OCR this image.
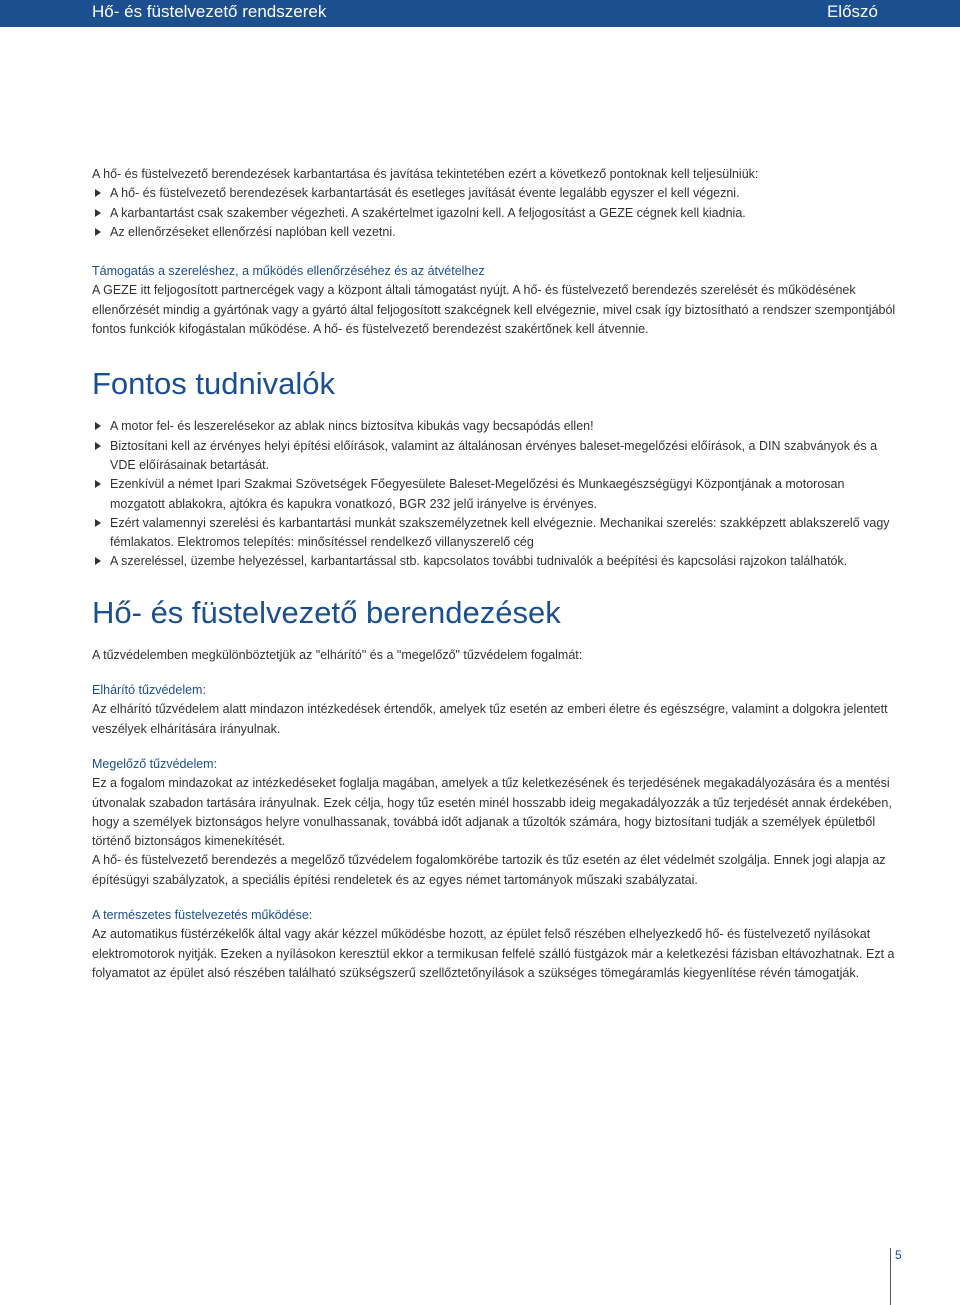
Hő- és füstelvezető rendszerek	Előszó

A hő- és füstelvezető berendezések karbantartása és javítása tekintetében ezért a következő pontoknak kell teljesülniük:

A hő- és füstelvezető berendezések karbantartását és esetleges javítását évente legalább egyszer el kell végezni.
A karbantartást csak szakember végezheti. A szakértelmet igazolni kell. A feljogosítást a GEZE cégnek kell kiadnia.
Az ellenőrzéseket ellenőrzési naplóban kell vezetni.

Támogatás a szereléshez, a működés ellenőrzéséhez és az átvételhez

A GEZE itt feljogosított partnercégek vagy a központ általi támogatást nyújt. A hő- és füstelvezető berendezés szerelését és működésének ellenőrzését mindig a gyártónak vagy a gyártó által feljogosított szakcégnek kell elvégeznie, mivel csak így biztosítható a rendszer szempontjából fontos funkciók kifogástalan működése. A hő- és füstelvezető berendezést szakértőnek kell átvennie.

Fontos tudnivalók
A motor fel- és leszerelésekor az ablak nincs biztosítva kibukás vagy becsapódás ellen!
Biztosítani kell az érvényes helyi építési előírások, valamint az általánosan érvényes baleset-megelőzési előírások, a DIN szabványok és a VDE előírásainak betartását.
Ezenkívül a német Ipari Szakmai Szövetségek Főegyesülete Baleset-Megelőzési és Munkaegészségügyi Központjának a motorosan mozgatott ablakokra, ajtókra és kapukra vonatkozó, BGR 232 jelű irányelve is érvényes.
Ezért valamennyi szerelési és karbantartási munkát szakszemélyzetnek kell elvégeznie. Mechanikai szerelés: szakképzett ablakszerelő vagy fémlakatos. Elektromos telepítés: minősítéssel rendelkező villanyszerelő cég
A szereléssel, üzembe helyezéssel, karbantartással stb. kapcsolatos további tudnivalók a beépítési és kapcsolási rajzokon találhatók.
Hő- és füstelvezető berendezések

A tűzvédelemben megkülönböztetjük az "elhárító" és a "megelőző" tűzvédelem fogalmát:

Elhárító tűzvédelem:

Az elhárító tűzvédelem alatt mindazon intézkedések értendők, amelyek tűz esetén az emberi életre és egészségre, valamint a dolgokra jelentett veszélyek elhárítására irányulnak.

Megelőző tűzvédelem:

Ez a fogalom mindazokat az intézkedéseket foglalja magában, amelyek a tűz keletkezésének és terjedésének megakadályozására és a mentési útvonalak szabadon tartására irányulnak. Ezek célja, hogy tűz esetén minél hosszabb ideig megakadályozzák a tűz terjedését annak érdekében, hogy a személyek biztonságos helyre vonulhassanak, továbbá időt adjanak a tűzoltók számára, hogy biztosítani tudják a személyek épületből történő biztonságos kimenekítését.

A hő- és füstelvezető berendezés a megelőző tűzvédelem fogalomkörébe tartozik és tűz esetén az élet védelmét szolgálja. Ennek jogi alapja az építésügyi szabályzatok, a speciális építési rendeletek és az egyes német tartományok műszaki szabályzatai.

A természetes füstelvezetés működése:

Az automatikus füstérzékelők által vagy akár kézzel működésbe hozott, az épület felső részében elhelyezkedő hő- és füstelvezető nyílásokat elektromotorok nyitják. Ezeken a nyílásokon keresztül ekkor a termikusan felfelé szálló füstgázok már a keletkezési fázisban eltávozhatnak. Ezt a folyamatot az épület alsó részében található szükségszerű szellőztetőnyílások a szükséges tömegáramlás kiegyenlítése révén támogatják.

5
